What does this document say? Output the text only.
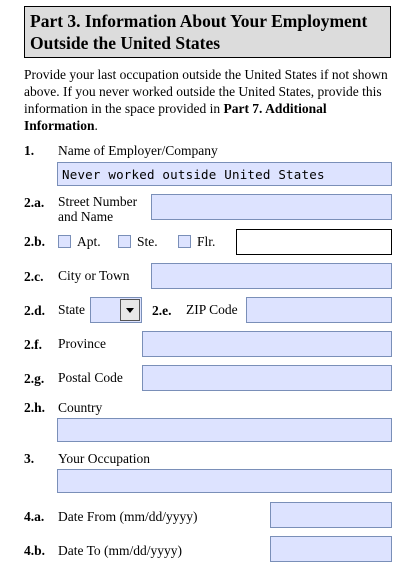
Part 3. Information About Your Employment
Outside the United States
Provide your last occupation outside the United States if not shown above. If you never worked outside the United States, provide this information in the space provided in Part 7. Additional Information.
1. Name of Employer/Company
Never worked outside United States
2.a. Street Number
and Name
2.b. Apt.	Ste.	Flr.
2.c. City or Town
2.d. State	2.e. ZIP Code
2.f. Province
2.g. Postal Code
2.h. Country
3. Your Occupation
4.a. Date From (mm/dd/yyyy)
4.b. Date To (mm/dd/yyyy)
